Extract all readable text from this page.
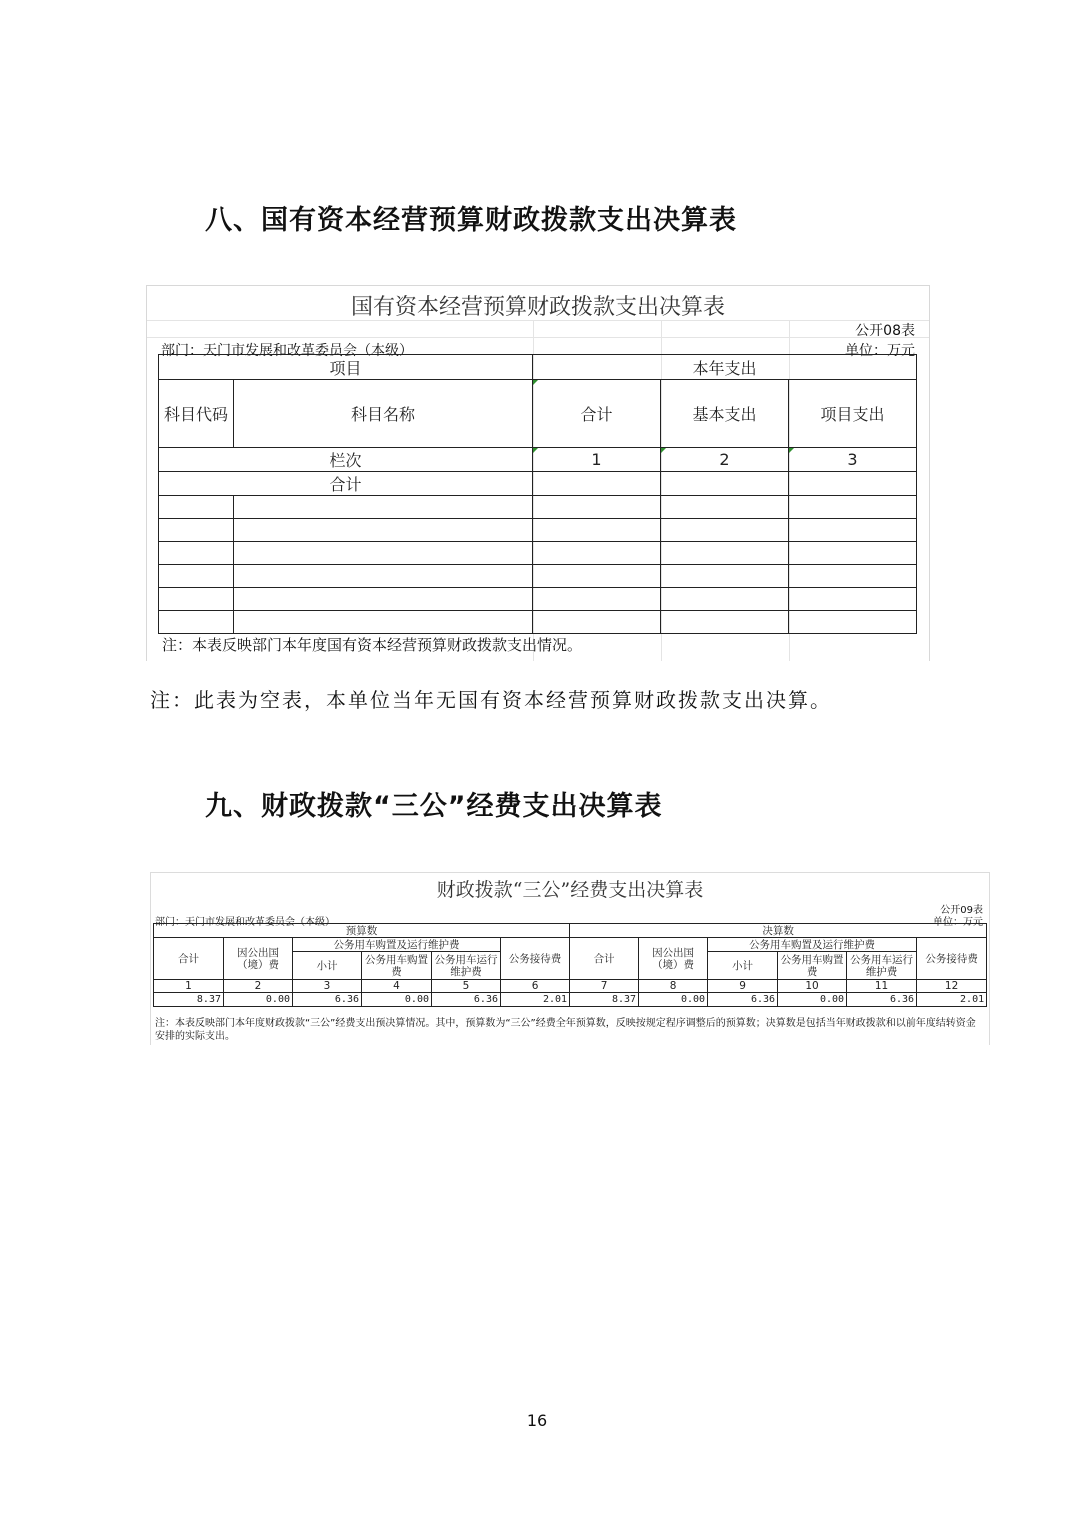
八、国有资本经营预算财政拨款支出决算表
国有资本经营预算财政拨款支出决算表
公开08表
部门：天门市发展和改革委员会（本级）	单位：万元
项目		本年支出		
科目代码	科目名称	合计	基本支出	项目支出
栏次		1	2	3
合计				

注：本表反映部门本年度国有资本经营预算财政拨款支出情况。
注：此表为空表，本单位当年无国有资本经营预算财政拨款支出决算。
九、财政拨款“三公”经费支出决算表
财政拨款“三公”经费支出决算表
公开09表
部门：天门市发展和改革委员会（本级）	单位：万元
预算数						决算数					
合计	因公出国（境）费	公务用车购置及运行维护费			公务接待费	合计	因公出国（境）费	公务用车购置及运行维护费			公务接待费
		小计	公务用车购置费	公务用车运行维护费				小计	公务用车购置费	公务用车运行维护费	
1	2	3	4	5	6	7	8	9	10	11	12
8.37	0.00	6.36	0.00	6.36	2.01	8.37	0.00	6.36	0.00	6.36	2.01
注：本表反映部门本年度财政拨款“三公”经费支出预决算情况。其中，预算数为“三公”经费全年预算数，反映按规定程序调整后的预算数；决算数是包括当年财政拨款和以前年度结转资金安排的实际支出。
16
